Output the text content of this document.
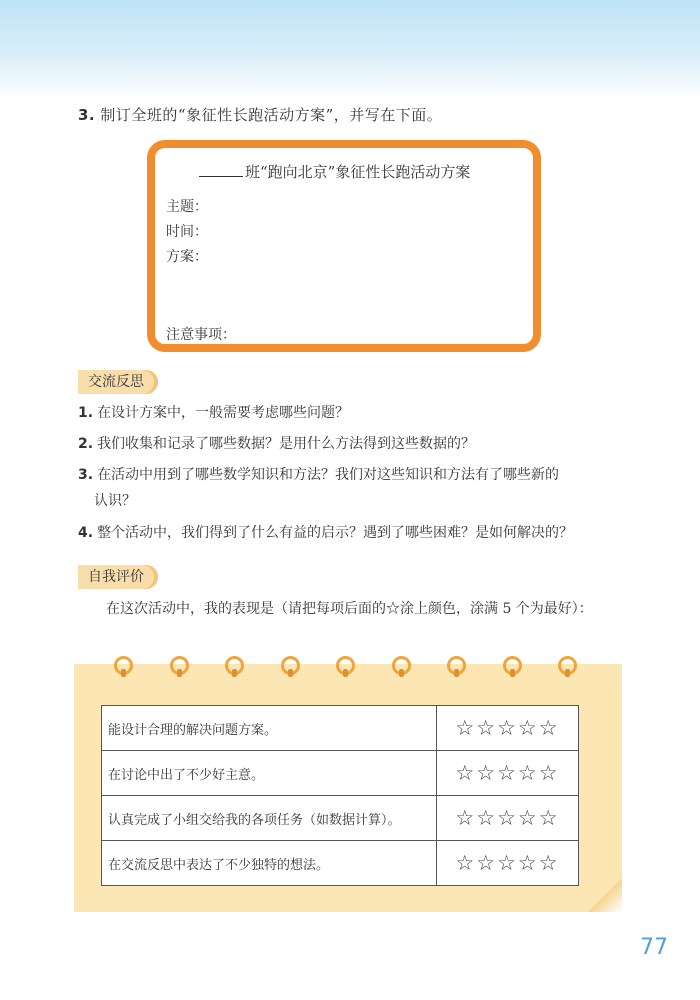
3. 制订全班的“象征性长跑活动方案”，并写在下面。
班“跑向北京”象征性长跑活动方案
主题：
时间：
方案：
注意事项：
交流反思
1. 在设计方案中，一般需要考虑哪些问题？
2. 我们收集和记录了哪些数据？是用什么方法得到这些数据的？
3. 在活动中用到了哪些数学知识和方法？我们对这些知识和方法有了哪些新的
认识？
4. 整个活动中，我们得到了什么有益的启示？遇到了哪些困难？是如何解决的？
自我评价
在这次活动中，我的表现是（请把每项后面的☆涂上颜色，涂满 5 个为最好）：
能设计合理的解决问题方案。	☆☆☆☆☆
在讨论中出了不少好主意。	☆☆☆☆☆
认真完成了小组交给我的各项任务（如数据计算）。	☆☆☆☆☆
在交流反思中表达了不少独特的想法。	☆☆☆☆☆
77
